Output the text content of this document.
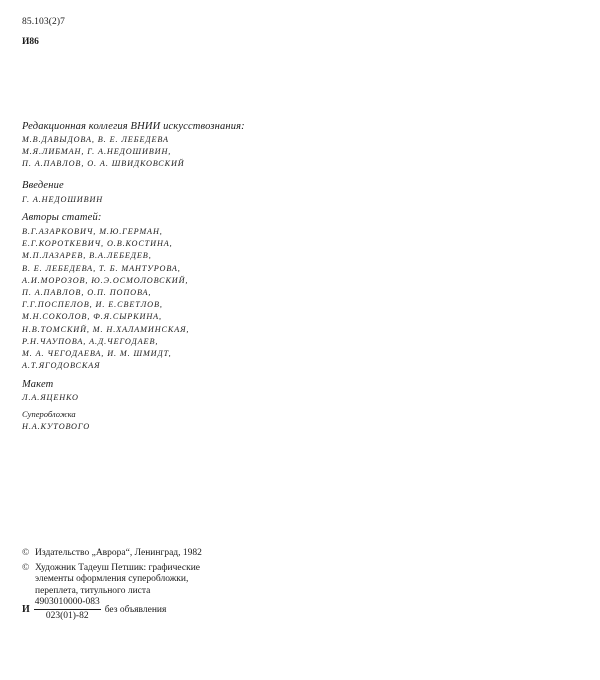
85.103(2)7
И86
Редакционная коллегия ВНИИ искусствознания:
М.В.ДАВЫДОВА, В. Е. ЛЕБЕДЕВА
М.Я.ЛИБМАН, Г. А.НЕДОШИВИН,
П. А.ПАВЛОВ, О. А. ШВИДКОВСКИЙ
Введение
Г. А.НЕДОШИВИН
Авторы статей:
В.Г.АЗАРКОВИЧ, М.Ю.ГЕРМАН,
Е.Г.КОРОТКЕВИЧ, О.В.КОСТИНА,
М.П.ЛАЗАРЕВ, В.А.ЛЕБЕДЕВ,
В. Е. ЛЕБЕДЕВА, Т. Б. МАНТУРОВА,
А.И.МОРОЗОВ, Ю.Э.ОСМОЛОВСКИЙ,
П. А.ПАВЛОВ, О.П. ПОПОВА,
Г.Г.ПОСПЕЛОВ, И. Е.СВЕТЛОВ,
М.Н.СОКОЛОВ, Ф.Я.СЫРКИНА,
Н.В.ТОМСКИЙ, М. Н.ХАЛАМИНСКАЯ,
Р.Н.ЧАУПОВА, А.Д.ЧЕГОДАЕВ,
М. А. ЧЕГОДАЕВА, И. М. ШМИДТ,
А.Т.ЯГОДОВСКАЯ
Макет
Л.А.ЯЦЕНКО
Суперобложка
Н.А.КУТОВОГО
© Издательство „Аврора“, Ленинград, 1982
© Художник Тадеуш Петшик: графические
элементы оформления суперобложки,
переплета, титульного листа
И $\frac{4903010000-083}{023(01)-82}$ без объявления
